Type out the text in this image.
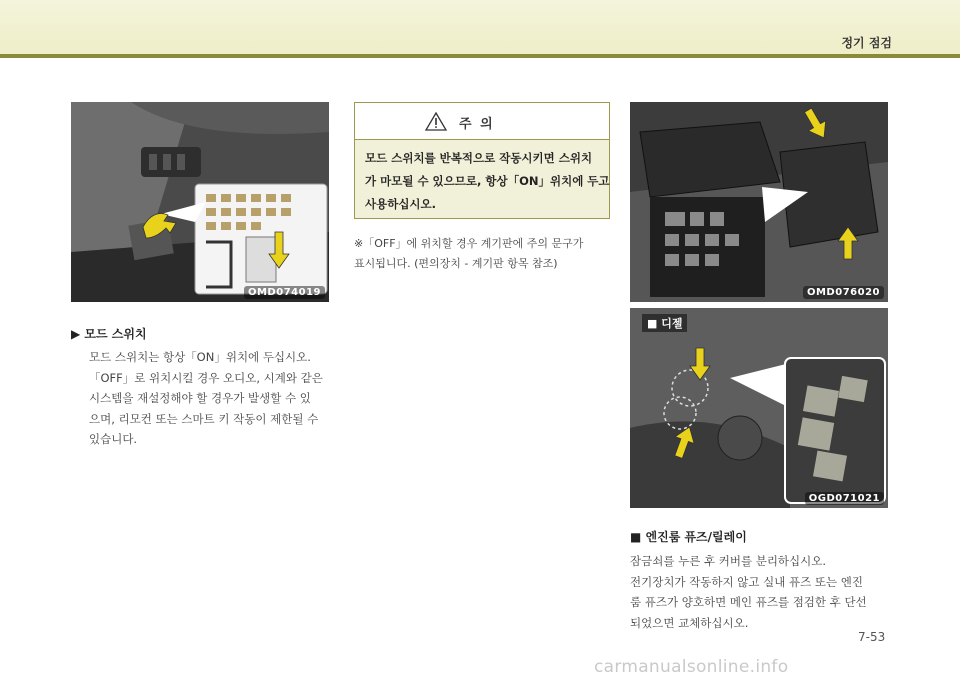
정기 점검
OMD074019	OMD076020
■ 디젤
OGD071021
▶ 모드 스위치

모드 스위치는 항상「ON」위치에 두십시오.

「OFF」로 위치시킬 경우 오디오, 시계와 같은

시스템을 재설정해야 할 경우가 발생할 수 있

으며, 리모컨 또는 스마트 키 작동이 제한될 수

있습니다.

주 의

모드 스위치를 반복적으로 작동시키면 스위치

가 마모될 수 있으므로, 항상「ON」위치에 두고

사용하십시오.

※「OFF」에 위치할 경우 계기판에 주의 문구가

표시됩니다. (편의장치 - 계기판 항목 참조)

■ 엔진룸 퓨즈/릴레이

잠금쇠를 누른 후 커버를 분리하십시오.

전기장치가 작동하지 않고 실내 퓨즈 또는 엔진

룸 퓨즈가 양호하면 메인 퓨즈를 점검한 후 단선

되었으면 교체하십시오.

7-53
carmanualsonline.info
